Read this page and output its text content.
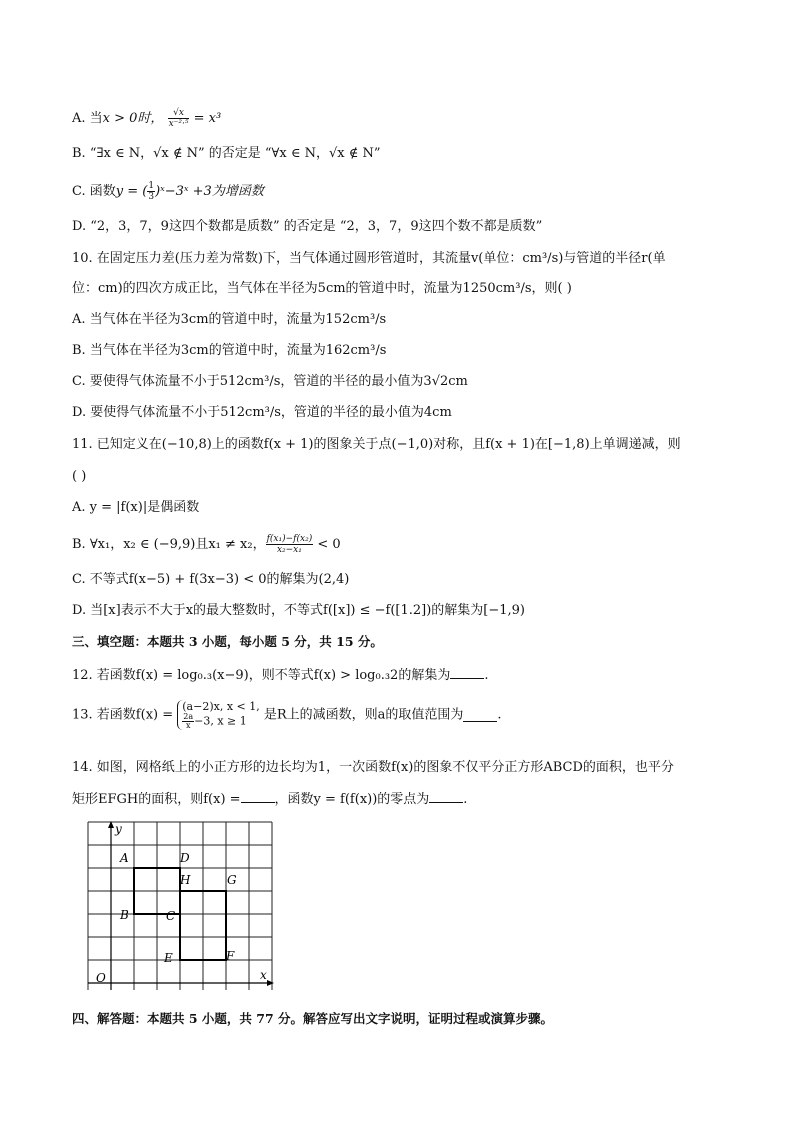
A. 当x > 0时， $\frac{√x}{\text{x⁻²·⁵}} = x^3$
B. “∃x ∈ N，√x ∉ N” 的否定是 “∀x ∈ N，√x ∉ N”
C. 函数y = ( $\frac{1}{3}$ )ˣ−3ˣ +3为增函数
D. “2，3，7，9这四个数都是质数” 的否定是 “2，3，7，9这四个数不都是质数”
10. 在固定压力差(压力差为常数)下，当气体通过圆形管道时，其流量v(单位：cm³/s)与管道的半径r(单
位：cm)的四次方成正比，当气体在半径为5cm的管道中时，流量为1250cm³/s，则( )
A. 当气体在半径为3cm的管道中时，流量为152cm³/s
B. 当气体在半径为3cm的管道中时，流量为162cm³/s
C. 要使得气体流量不小于512cm³/s，管道的半径的最小值为3√2cm
D. 要使得气体流量不小于512cm³/s，管道的半径的最小值为4cm
11. 已知定义在(−10,8)上的函数f(x + 1)的图象关于点(−1,0)对称，且f(x + 1)在[−1,8)上单调递减，则
( )
A. y = |f(x)|是偶函数
B. ∀x₁，x₂ ∈ (−9,9)且x₁ ≠ x₂， $\frac{\text{f(x₁)−f(x₂)}}{\text{x₂−x₁}} < 0$
C. 不等式f(x−5) + f(3x−3) < 0的解集为(2,4)
D. 当[x]表示不大于x的最大整数时，不等式f([x]) ≤ −f([1.2])的解集为[−1,9)
三、填空题：本题共 3 小题，每小题 5 分，共 15 分。
12. 若函数f(x) = log₀.₃(x−9)，则不等式f(x) > log₀.₃2的解集为	.
13. 若函数f(x) =
(a−2)x, x < 1,
$\frac{2a}{x} -3$, x ≥ 1	是R上的减函数，则a的取值范围为	.
14. 如图，网格纸上的小正方形的边长均为1，一次函数f(x)的图象不仅平分正方形ABCD的面积，也平分
矩形EFGH的面积，则f(x) =	，函数y = f(f(x))的零点为	.
y
A	D
H	G
B	C
E	F
O	x
四、解答题：本题共 5 小题，共 77 分。解答应写出文字说明，证明过程或演算步骤。
